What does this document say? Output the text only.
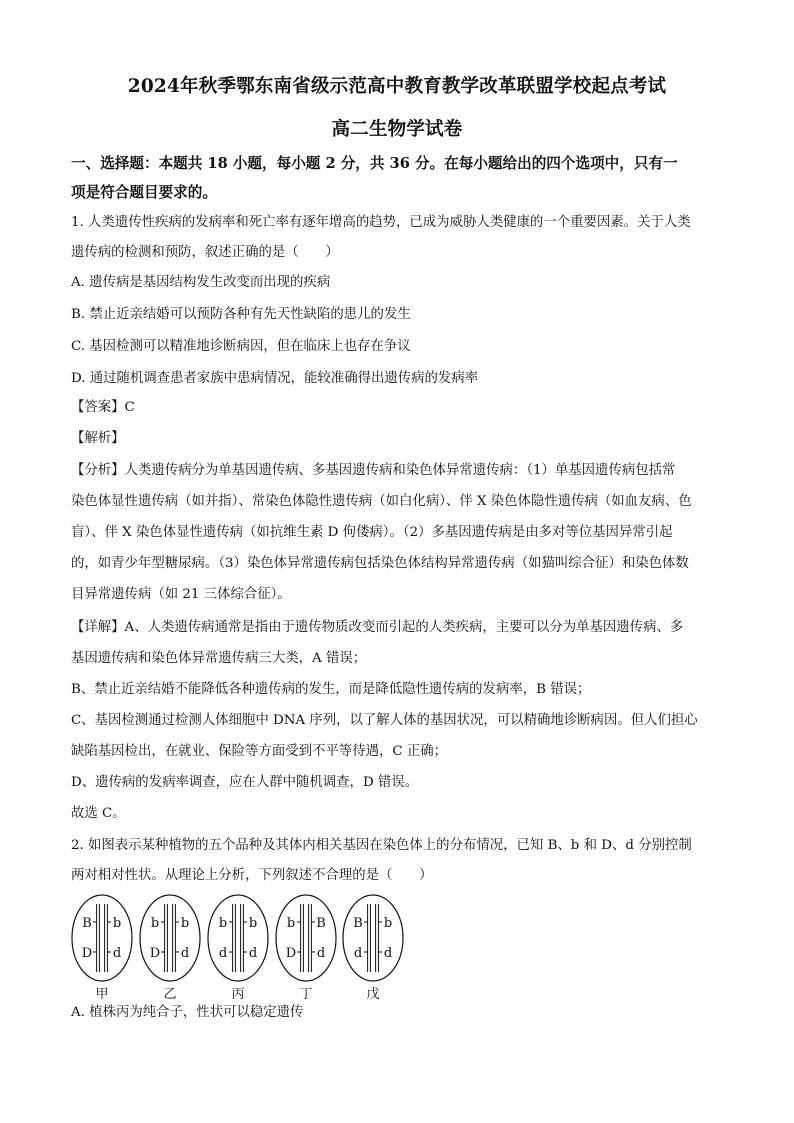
2024年秋季鄂东南省级示范高中教育教学改革联盟学校起点考试
高二生物学试卷
一、选择题：本题共 18 小题，每小题 2 分，共 36 分。在每小题给出的四个选项中，只有一
项是符合题目要求的。
1. 人类遗传性疾病的发病率和死亡率有逐年增高的趋势，已成为威胁人类健康的一个重要因素。关于人类
遗传病的检测和预防，叙述正确的是（　　）
A. 遗传病是基因结构发生改变而出现的疾病
B. 禁止近亲结婚可以预防各种有先天性缺陷的患儿的发生
C. 基因检测可以精准地诊断病因，但在临床上也存在争议
D. 通过随机调查患者家族中患病情况，能较准确得出遗传病的发病率
【答案】C
【解析】
【分析】人类遗传病分为单基因遗传病、多基因遗传病和染色体异常遗传病：（1）单基因遗传病包括常
染色体显性遗传病（如并指）、常染色体隐性遗传病（如白化病）、伴 X 染色体隐性遗传病（如血友病、色
盲）、伴 X 染色体显性遗传病（如抗维生素 D 佝偻病）。（2）多基因遗传病是由多对等位基因异常引起
的，如青少年型糖尿病。（3）染色体异常遗传病包括染色体结构异常遗传病（如猫叫综合征）和染色体数
目异常遗传病（如 21 三体综合征）。
【详解】A、人类遗传病通常是指由于遗传物质改变而引起的人类疾病，主要可以分为单基因遗传病、多
基因遗传病和染色体异常遗传病三大类，A 错误；
B、禁止近亲结婚不能降低各种遗传病的发生，而是降低隐性遗传病的发病率，B 错误；
C、基因检测通过检测人体细胞中 DNA 序列，以了解人体的基因状况，可以精确地诊断病因。但人们担心
缺陷基因检出，在就业、保险等方面受到不平等待遇，C 正确；
D、遗传病的发病率调查，应在人群中随机调查，D 错误。
故选 C。
2. 如图表示某种植物的五个品种及其体内相关基因在染色体上的分布情况，已知 B、b 和 D、d 分别控制
两对相对性状。从理论上分析，下列叙述不合理的是（　　）
B b
D d
甲
b b
D d
乙
b b
d d
丙
b B
D d
丁
B b
d d
戊
A. 植株丙为纯合子，性状可以稳定遗传
